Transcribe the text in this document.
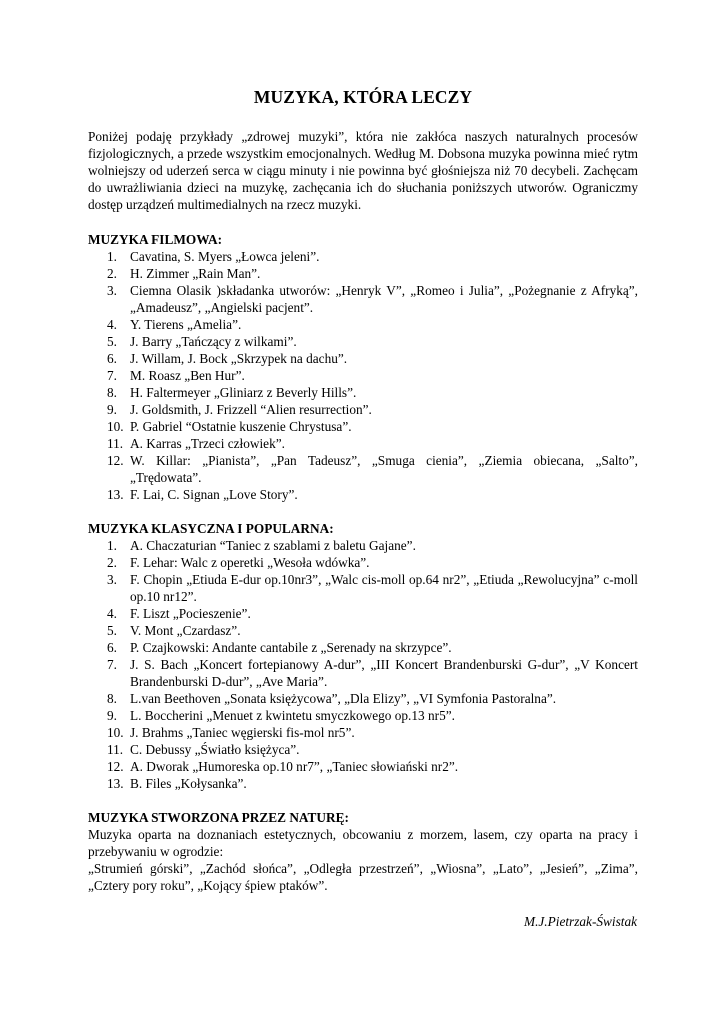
MUZYKA, KTÓRA LECZY

Poniżej podaję przykłady „zdrowej muzyki”, która nie zakłóca naszych naturalnych procesów fizjologicznych, a przede wszystkim emocjonalnych. Według M. Dobsona muzyka powinna mieć rytm wolniejszy od uderzeń serca w ciągu minuty i nie powinna być głośniejsza niż 70 decybeli. Zachęcam do uwrażliwiania dzieci na muzykę, zachęcania ich do słuchania poniższych utworów. Ograniczmy dostęp urządzeń multimedialnych na rzecz muzyki.

MUZYKA FILMOWA:

1. Cavatina, S. Myers „Łowca jeleni”.
2. H. Zimmer „Rain Man”.
3. Ciemna Olasik )składanka utworów: „Henryk V”, „Romeo i Julia”, „Pożegnanie z Afryką”, „Amadeusz”, „Angielski pacjent”.
4. Y. Tierens „Amelia”.
5. J. Barry „Tańczący z wilkami”.
6. J. Willam, J. Bock „Skrzypek na dachu”.
7. M. Roasz „Ben Hur”.
8. H. Faltermeyer „Gliniarz z Beverly Hills”.
9. J. Goldsmith, J. Frizzell “Alien resurrection”.
10. P. Gabriel “Ostatnie kuszenie Chrystusa”.
11. A. Karras „Trzeci człowiek”.
12. W. Killar: „Pianista”, „Pan Tadeusz”, „Smuga cienia”, „Ziemia obiecana, „Salto”, „Trędowata”.
13. F. Lai, C. Signan „Love Story”.

MUZYKA KLASYCZNA I POPULARNA:

1. A. Chaczaturian “Taniec z szablami z baletu Gajane”.
2. F. Lehar: Walc z operetki „Wesoła wdówka”.
3. F. Chopin „Etiuda E-dur op.10nr3”, „Walc cis-moll op.64 nr2”, „Etiuda „Rewolucyjna” c-moll op.10 nr12”.
4. F. Liszt „Pocieszenie”.
5. V. Mont „Czardasz”.
6. P. Czajkowski: Andante cantabile z „Serenady na skrzypce”.
7. J. S. Bach „Koncert fortepianowy A-dur”, „III Koncert Brandenburski G-dur”, „V Koncert Brandenburski D-dur”, „Ave Maria”.
8. L.van Beethoven „Sonata księżycowa”, „Dla Elizy”, „VI Symfonia Pastoralna”.
9. L. Boccherini „Menuet z kwintetu smyczkowego op.13 nr5”.
10. J. Brahms „Taniec węgierski fis-mol nr5”.
11. C. Debussy „Światło księżyca”.
12. A. Dworak „Humoreska op.10 nr7”, „Taniec słowiański nr2”.
13. B. Files „Kołysanka”.

MUZYKA STWORZONA PRZEZ NATURĘ:

Muzyka oparta na doznaniach estetycznych, obcowaniu z morzem, lasem, czy oparta na pracy i przebywaniu w ogrodzie:

„Strumień górski”, „Zachód słońca”, „Odległa przestrzeń”, „Wiosna”, „Lato”, „Jesień”, „Zima”, „Cztery pory roku”, „Kojący śpiew ptaków”.

M.J.Pietrzak-Świstak
